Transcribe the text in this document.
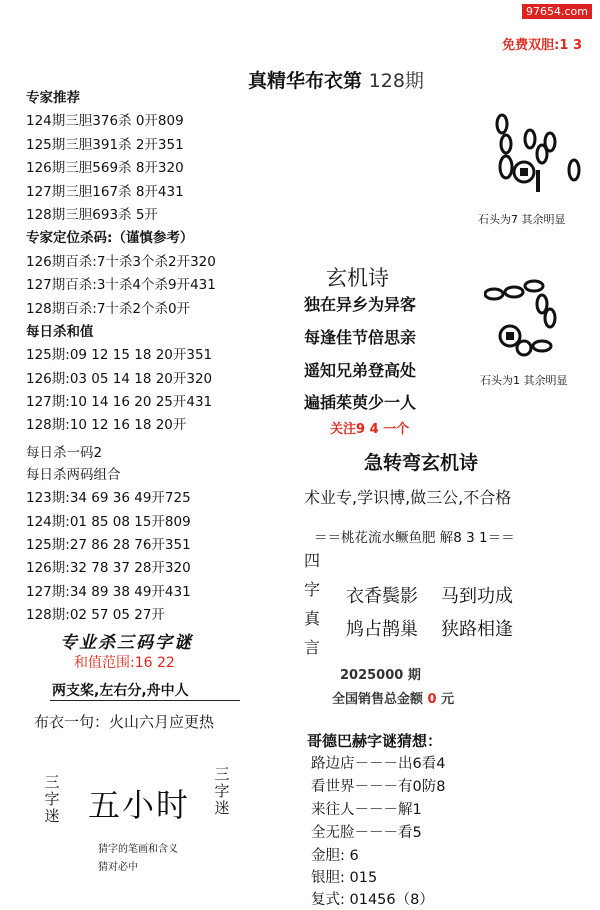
97654.com
免费双胆:1 3
真精华布衣第 128期
专家推荐
124期三胆376杀 0开809
125期三胆391杀 2开351
126期三胆569杀 8开320
127期三胆167杀 8开431
128期三胆693杀 5开
专家定位杀码:（谨慎参考）
126期百杀:7十杀3个杀2开320
127期百杀:3十杀4个杀9开431
128期百杀:7十杀2个杀0开
每日杀和值
125期:09 12 15 18 20开351
126期:03 05 14 18 20开320
127期:10 14 16 20 25开431
128期:10 12 16 18 20开
每日杀一码2
每日杀两码组合
123期:34 69 36 49开725
124期:01 85 08 15开809
125期:27 86 28 76开351
126期:32 78 37 28开320
127期:34 89 38 49开431
128期:02 57 05 27开
专业杀三码字谜
和值范围:16 22
两支桨,左右分,舟中人
布衣一句：火山六月应更热
三字迷 五小时
三字迷
猜字的笔画和含义
猜对必中
石头为7 其余明显
石头为1 其余明显
玄机诗
独在异乡为异客
每逢佳节倍思亲
遥知兄弟登高处
遍插茱萸少一人
关注9 4 一个
急转弯玄机诗
术业专,学识博,做三公,不合格
＝＝桃花流水鳜鱼肥 解8 3 1＝＝
四
字
真
言
衣香鬓影 马到功成
鸠占鹊巢 狭路相逢
2025000 期
全国销售总金额 0 元
哥德巴赫字谜猜想：
路边店－－－出6看4
看世界－－－有0防8
来往人－－－解1
全无脸－－－看5
金胆: 6
银胆: 015
复式: 01456（8）
